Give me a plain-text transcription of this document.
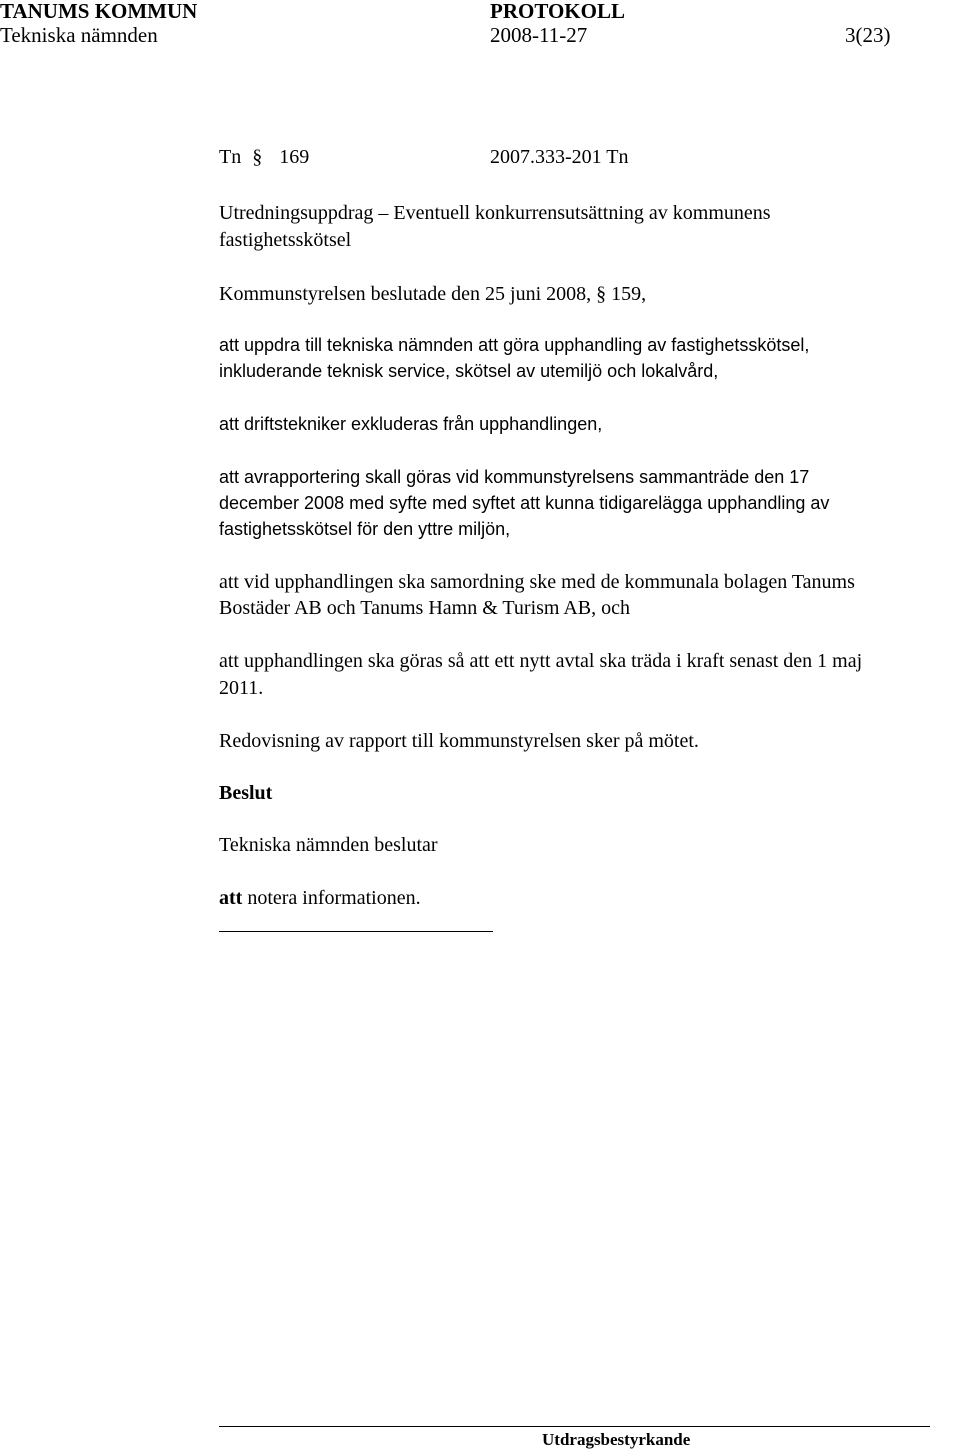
TANUMS KOMMUN	PROTOKOLL
Tekniska nämnden	2008-11-27	3(23)
Tn § 169	2007.333-201 Tn
Utredningsuppdrag – Eventuell konkurrensutsättning av kommunens
fastighetsskötsel
Kommunstyrelsen beslutade den 25 juni 2008, § 159,
att uppdra till tekniska nämnden att göra upphandling av fastighetsskötsel,
inkluderande teknisk service, skötsel av utemiljö och lokalvård,
att driftstekniker exkluderas från upphandlingen,
att avrapportering skall göras vid kommunstyrelsens sammanträde den 17
december 2008 med syfte med syftet att kunna tidigarelägga upphandling av
fastighetsskötsel för den yttre miljön,
att vid upphandlingen ska samordning ske med de kommunala bolagen Tanums
Bostäder AB och Tanums Hamn & Turism AB, och
att upphandlingen ska göras så att ett nytt avtal ska träda i kraft senast den 1 maj
2011.
Redovisning av rapport till kommunstyrelsen sker på mötet.
Beslut
Tekniska nämnden beslutar
att notera informationen.
Utdragsbestyrkande
